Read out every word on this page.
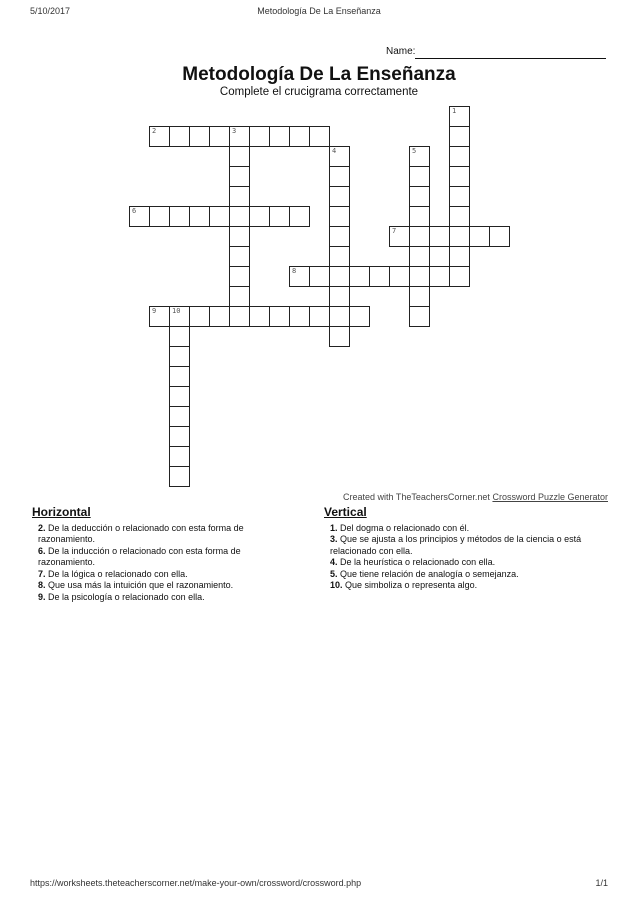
5/10/2017	Metodología De La Enseñanza
Name:
Metodología De La Enseñanza
Complete el crucigrama correctamente
1
2	3
4	5
6
7
8
9 10
Created with TheTeachersCorner.net Crossword Puzzle Generator
Horizontal

2. De la deducción o relacionado con esta forma de razonamiento.

6. De la inducción o relacionado con esta forma de razonamiento.

7. De la lógica o relacionado con ella.

8. Que usa más la intuición que el razonamiento.

9. De la psicología o relacionado con ella.

Vertical

1. Del dogma o relacionado con él.

3. Que se ajusta a los principios y métodos de la ciencia o está relacionado con ella.

4. De la heurística o relacionado con ella.

5. Que tiene relación de analogía o semejanza.

10. Que simboliza o representa algo.

https://worksheets.theteacherscorner.net/make-your-own/crossword/crossword.php	1/1
